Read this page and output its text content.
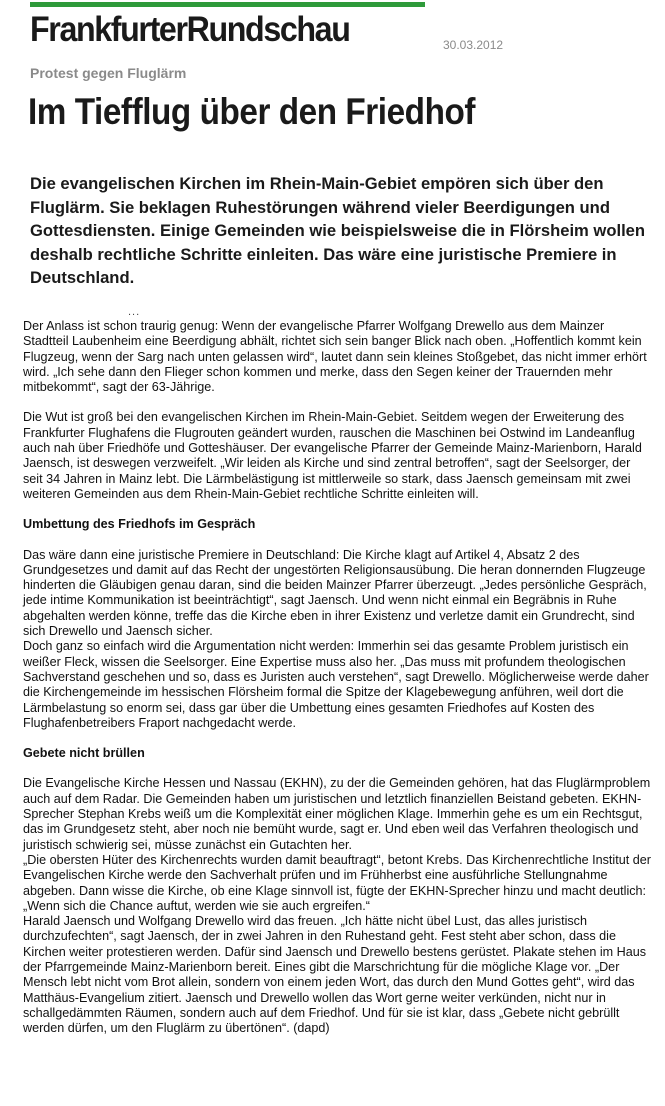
FrankfurterRundschau	30.03.2012
Protest gegen Fluglärm
Im Tiefflug über den Friedhof

Die evangelischen Kirchen im Rhein-Main-Gebiet empören sich über den

Fluglärm. Sie beklagen Ruhestörungen während vieler Beerdigungen und

Gottesdiensten. Einige Gemeinden wie beispielsweise die in Flörsheim wollen

deshalb rechtliche Schritte einleiten. Das wäre eine juristische Premiere in

Deutschland.

...

Der Anlass ist schon traurig genug: Wenn der evangelische Pfarrer Wolfgang Drewello aus dem Mainzer Stadtteil Laubenheim eine Beerdigung abhält, richtet sich sein banger Blick nach oben. „Hoffentlich kommt kein Flugzeug, wenn der Sarg nach unten gelassen wird“, lautet dann sein kleines Stoßgebet, das nicht immer erhört wird. „Ich sehe dann den Flieger schon kommen und merke, dass den Segen keiner der Trauernden mehr mitbekommt“, sagt der 63-Jährige.

Die Wut ist groß bei den evangelischen Kirchen im Rhein-Main-Gebiet. Seitdem wegen der Erweiterung des Frankfurter Flughafens die Flugrouten geändert wurden, rauschen die Maschinen bei Ostwind im Landeanflug auch nah über Friedhöfe und Gotteshäuser. Der evangelische Pfarrer der Gemeinde Mainz-Marienborn, Harald Jaensch, ist deswegen verzweifelt. „Wir leiden als Kirche und sind zentral betroffen“, sagt der Seelsorger, der seit 34 Jahren in Mainz lebt. Die Lärmbelästigung ist mittlerweile so stark, dass Jaensch gemeinsam mit zwei weiteren Gemeinden aus dem Rhein-Main-Gebiet rechtliche Schritte einleiten will.

Umbettung des Friedhofs im Gespräch

Das wäre dann eine juristische Premiere in Deutschland: Die Kirche klagt auf Artikel 4, Absatz 2 des Grundgesetzes und damit auf das Recht der ungestörten Religionsausübung. Die heran donnernden Flugzeuge hinderten die Gläubigen genau daran, sind die beiden Mainzer Pfarrer überzeugt. „Jedes persönliche Gespräch, jede intime Kommunikation ist beeinträchtigt“, sagt Jaensch. Und wenn nicht einmal ein Begräbnis in Ruhe abgehalten werden könne, treffe das die Kirche eben in ihrer Existenz und verletze damit ein Grundrecht, sind sich Drewello und Jaensch sicher.

Doch ganz so einfach wird die Argumentation nicht werden: Immerhin sei das gesamte Problem juristisch ein weißer Fleck, wissen die Seelsorger. Eine Expertise muss also her. „Das muss mit profundem theologischen Sachverstand geschehen und so, dass es Juristen auch verstehen“, sagt Drewello. Möglicherweise werde daher die Kirchengemeinde im hessischen Flörsheim formal die Spitze der Klagebewegung anführen, weil dort die Lärmbelastung so enorm sei, dass gar über die Umbettung eines gesamten Friedhofes auf Kosten des Flughafenbetreibers Fraport nachgedacht werde.

Gebete nicht brüllen

Die Evangelische Kirche Hessen und Nassau (EKHN), zu der die Gemeinden gehören, hat das Fluglärmproblem auch auf dem Radar. Die Gemeinden haben um juristischen und letztlich finanziellen Beistand gebeten. EKHN-Sprecher Stephan Krebs weiß um die Komplexität einer möglichen Klage. Immerhin gehe es um ein Rechtsgut, das im Grundgesetz steht, aber noch nie bemüht wurde, sagt er. Und eben weil das Verfahren theologisch und juristisch schwierig sei, müsse zunächst ein Gutachten her.

„Die obersten Hüter des Kirchenrechts wurden damit beauftragt“, betont Krebs. Das Kirchenrechtliche Institut der Evangelischen Kirche werde den Sachverhalt prüfen und im Frühherbst eine ausführliche Stellungnahme abgeben. Dann wisse die Kirche, ob eine Klage sinnvoll ist, fügte der EKHN-Sprecher hinzu und macht deutlich: „Wenn sich die Chance auftut, werden wie sie auch ergreifen.“

Harald Jaensch und Wolfgang Drewello wird das freuen. „Ich hätte nicht übel Lust, das alles juristisch durchzufechten“, sagt Jaensch, der in zwei Jahren in den Ruhestand geht. Fest steht aber schon, dass die Kirchen weiter protestieren werden. Dafür sind Jaensch und Drewello bestens gerüstet. Plakate stehen im Haus der Pfarrgemeinde Mainz-Marienborn bereit. Eines gibt die Marschrichtung für die mögliche Klage vor. „Der Mensch lebt nicht vom Brot allein, sondern von einem jeden Wort, das durch den Mund Gottes geht“, wird das Matthäus-Evangelium zitiert. Jaensch und Drewello wollen das Wort gerne weiter verkünden, nicht nur in schallgedämmten Räumen, sondern auch auf dem Friedhof. Und für sie ist klar, dass „Gebete nicht gebrüllt werden dürfen, um den Fluglärm zu übertönen“. (dapd)
